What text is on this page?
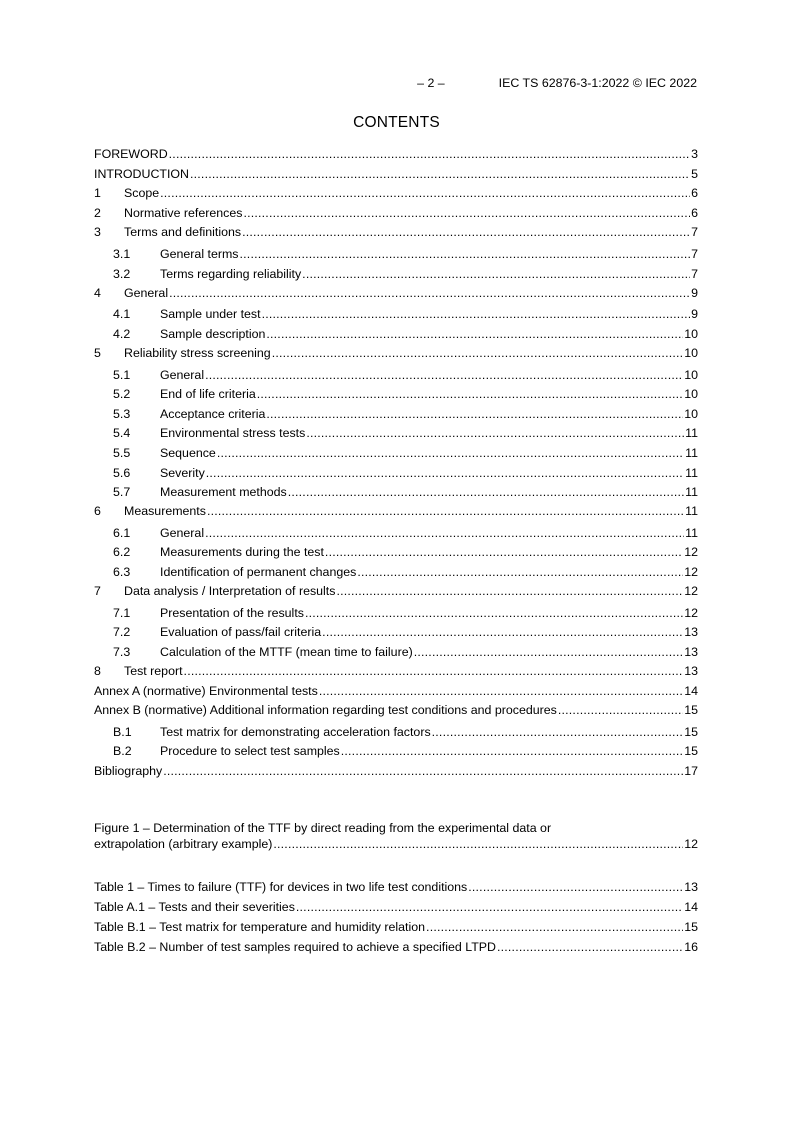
– 2 –	IEC TS 62876-3-1:2022 © IEC 2022
CONTENTS
FOREWORD .....	3
INTRODUCTION .....	5
1	Scope .....	6
2	Normative references .....	6
3	Terms and definitions .....	7
3.1	General terms .....	7
3.2	Terms regarding reliability .....	7
4	General .....	9
4.1	Sample under test .....	9
4.2	Sample description .....	10
5	Reliability stress screening .....	10
5.1	General .....	10
5.2	End of life criteria .....	10
5.3	Acceptance criteria .....	10
5.4	Environmental stress tests .....	11
5.5	Sequence .....	11
5.6	Severity .....	11
5.7	Measurement methods .....	11
6	Measurements .....	11
6.1	General .....	11
6.2	Measurements during the test .....	12
6.3	Identification of permanent changes .....	12
7	Data analysis / Interpretation of results .....	12
7.1	Presentation of the results .....	12
7.2	Evaluation of pass/fail criteria .....	13
7.3	Calculation of the MTTF (mean time to failure) .....	13
8	Test report .....	13
Annex A (normative) Environmental tests .....	14
Annex B (normative) Additional information regarding test conditions and procedures .....	15
B.1	Test matrix for demonstrating acceleration factors .....	15
B.2	Procedure to select test samples .....	15
Bibliography .....	17
Figure 1 – Determination of the TTF by direct reading from the experimental data or
extrapolation (arbitrary example) .....	12
Table 1 – Times to failure (TTF) for devices in two life test conditions .....	13
Table A.1 – Tests and their severities .....	14
Table B.1 – Test matrix for temperature and humidity relation .....	15
Table B.2 – Number of test samples required to achieve a specified LTPD .....	16
